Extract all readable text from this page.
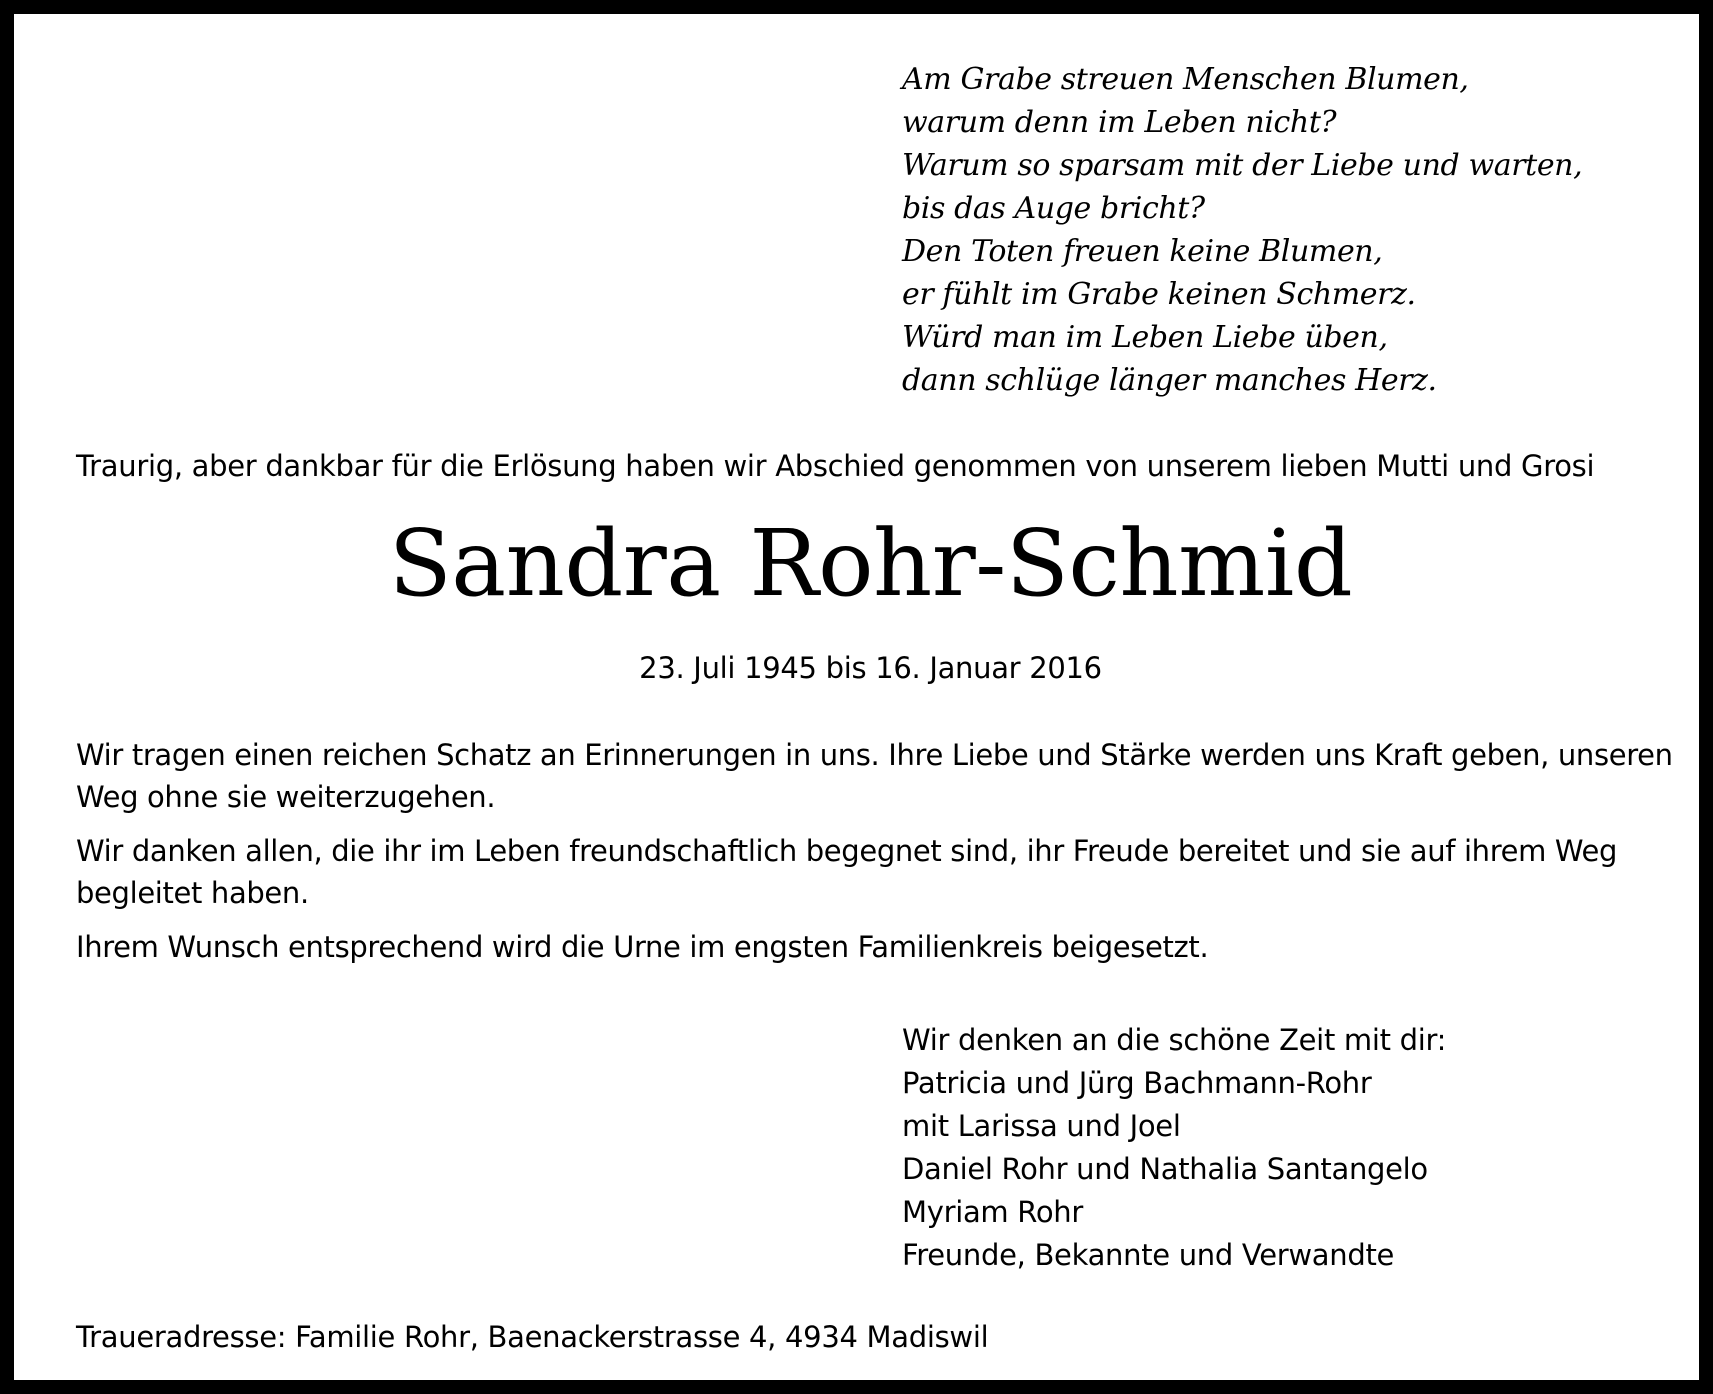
Am Grabe streuen Menschen Blumen,
warum denn im Leben nicht?
Warum so sparsam mit der Liebe und warten,
bis das Auge bricht?
Den Toten freuen keine Blumen,
er fühlt im Grabe keinen Schmerz.
Würd man im Leben Liebe üben,
dann schlüge länger manches Herz.
Traurig, aber dankbar für die Erlösung haben wir Abschied genommen von unserem lieben Mutti und Grosi
Sandra Rohr-Schmid
23. Juli 1945 bis 16. Januar 2016

Wir tragen einen reichen Schatz an Erinnerungen in uns. Ihre Liebe und Stärke werden uns Kraft geben, unseren Weg ohne sie weiterzugehen.

Wir danken allen, die ihr im Leben freundschaftlich begegnet sind, ihr Freude bereitet und sie auf ihrem Weg begleitet haben.

Ihrem Wunsch entsprechend wird die Urne im engsten Familienkreis beigesetzt.

Wir denken an die schöne Zeit mit dir:
Patricia und Jürg Bachmann-Rohr
mit Larissa und Joel
Daniel Rohr und Nathalia Santangelo
Myriam Rohr
Freunde, Bekannte und Verwandte
Traueradresse: Familie Rohr, Baenackerstrasse 4, 4934 Madiswil
